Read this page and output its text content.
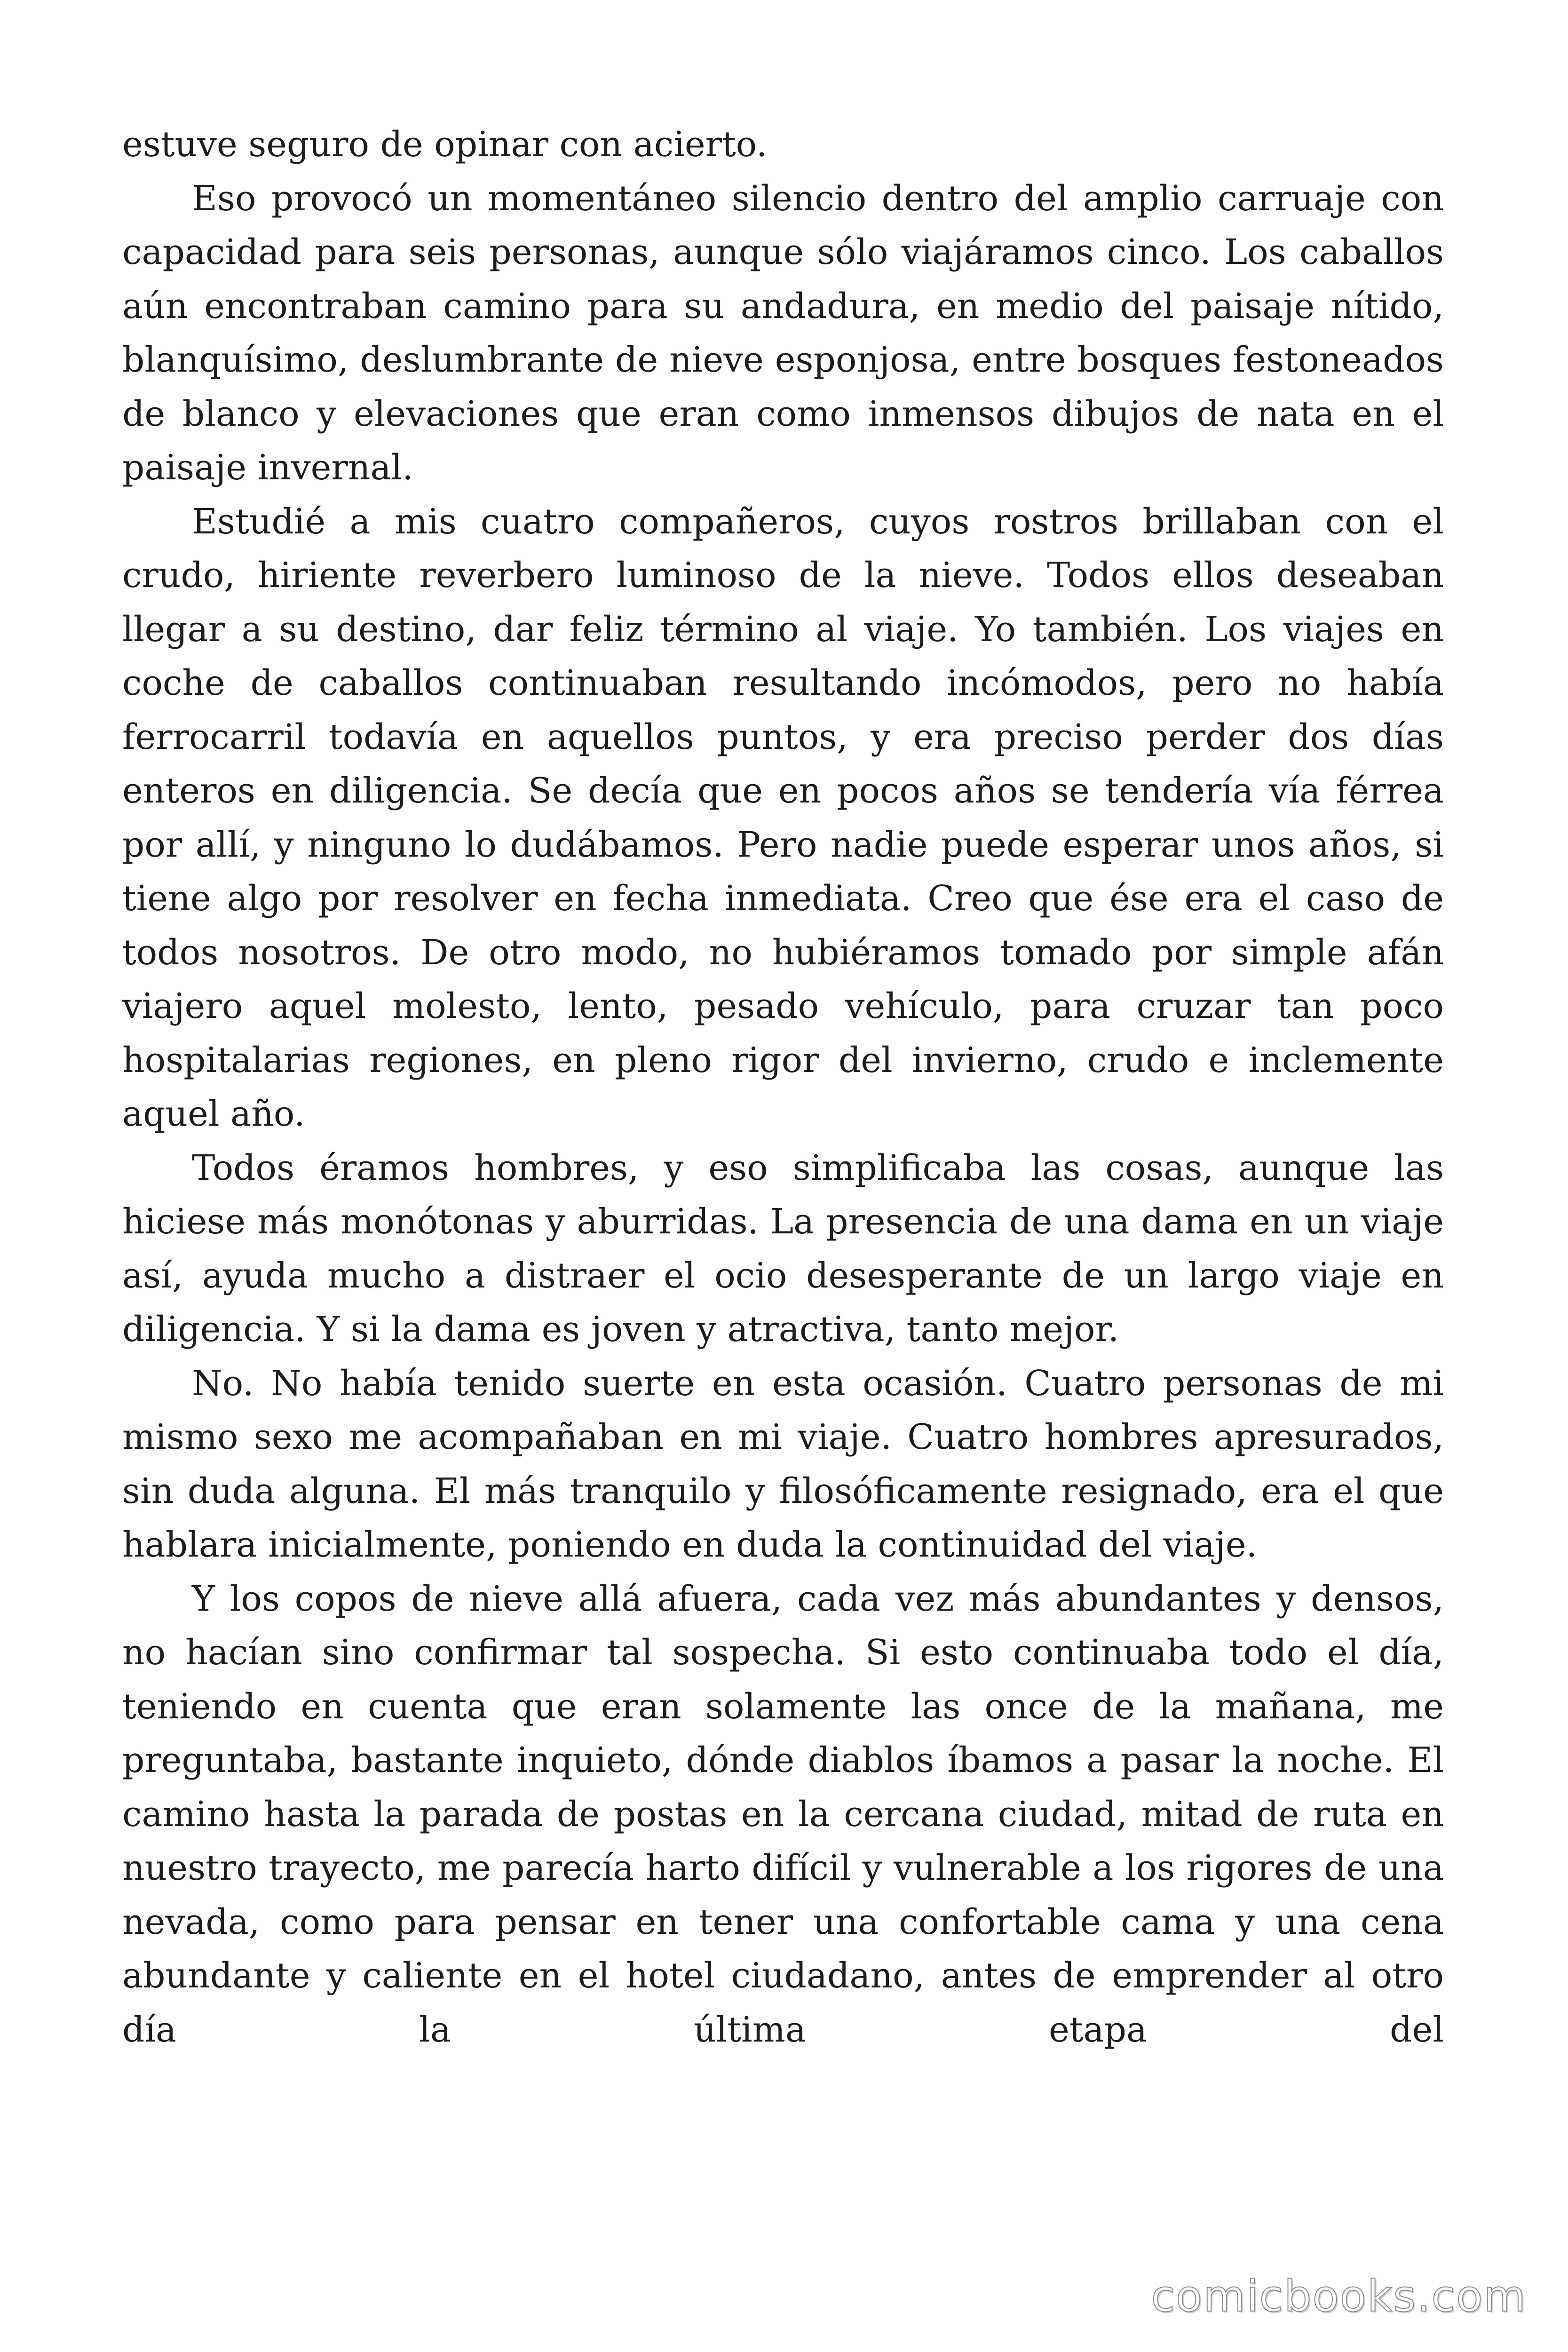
estuve seguro de opinar con acierto.

Eso provocó un momentáneo silencio dentro del amplio carruaje con capacidad para seis personas, aunque sólo viajáramos cinco. Los caballos aún encontraban camino para su andadura, en medio del paisaje nítido, blanquísimo, deslumbrante de nieve esponjosa, entre bosques festoneados de blanco y elevaciones que eran como inmensos dibujos de nata en el paisaje invernal.

Estudié a mis cuatro compañeros, cuyos rostros brillaban con el crudo, hiriente reverbero luminoso de la nieve. Todos ellos deseaban llegar a su destino, dar feliz término al viaje. Yo también. Los viajes en coche de caballos continuaban resultando incómodos, pero no había ferrocarril todavía en aquellos puntos, y era preciso perder dos días enteros en diligencia. Se decía que en pocos años se tendería vía férrea por allí, y ninguno lo dudábamos. Pero nadie puede esperar unos años, si tiene algo por resolver en fecha inmediata. Creo que ése era el caso de todos nosotros. De otro modo, no hubiéramos tomado por simple afán viajero aquel molesto, lento, pesado vehículo, para cruzar tan poco hospitalarias regiones, en pleno rigor del invierno, crudo e inclemente aquel año.

Todos éramos hombres, y eso simplificaba las cosas, aunque las hiciese más monótonas y aburridas. La presencia de una dama en un viaje así, ayuda mucho a distraer el ocio desesperante de un largo viaje en diligencia. Y si la dama es joven y atractiva, tanto mejor.

No. No había tenido suerte en esta ocasión. Cuatro personas de mi mismo sexo me acompañaban en mi viaje. Cuatro hombres apresurados, sin duda alguna. El más tranquilo y filosóficamente resignado, era el que hablara inicialmente, poniendo en duda la continuidad del viaje.

Y los copos de nieve allá afuera, cada vez más abundantes y densos, no hacían sino confirmar tal sospecha. Si esto continuaba todo el día, teniendo en cuenta que eran solamente las once de la mañana, me preguntaba, bastante inquieto, dónde diablos íbamos a pasar la noche. El camino hasta la parada de postas en la cercana ciudad, mitad de ruta en nuestro trayecto, me parecía harto difícil y vulnerable a los rigores de una nevada, como para pensar en tener una confortable cama y una cena abundante y caliente en el hotel ciudadano, antes de emprender al otro día la última etapa del

comicbooks.com
